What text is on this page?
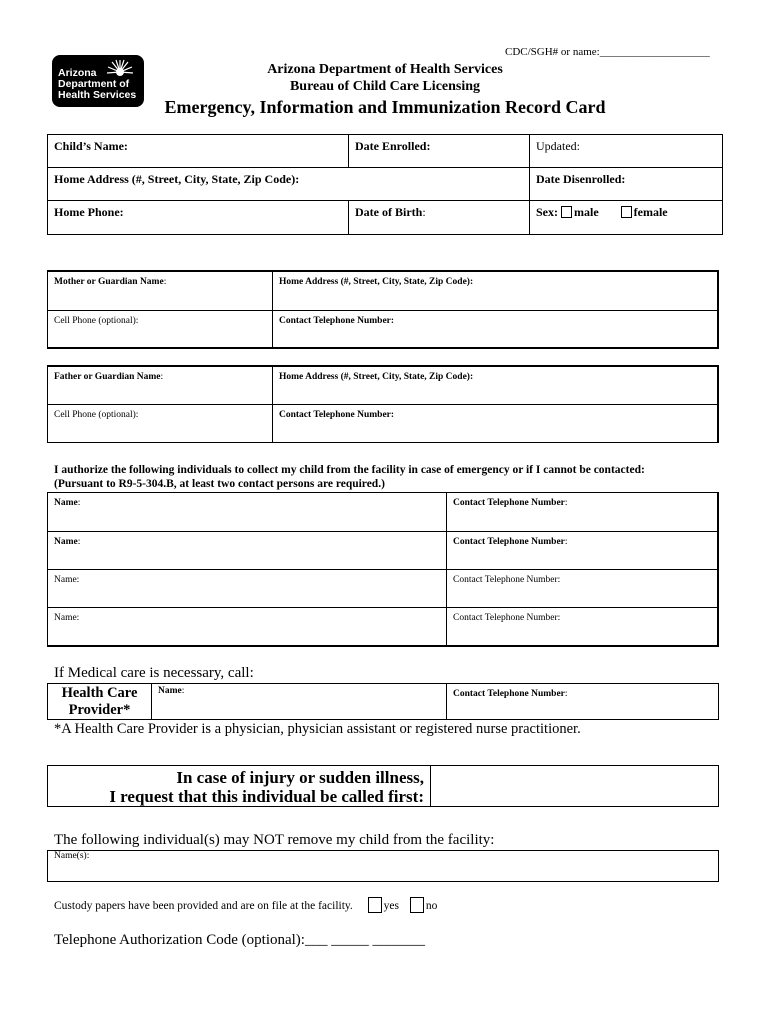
CDC/SGH# or name:____________________
Arizona
Department of
Health Services
Arizona Department of Health Services
Bureau of Child Care Licensing
Emergency, Information and Immunization Record Card
Child’s Name:	Date Enrolled:	Updated:
Home Address (#, Street, City, State, Zip Code):	Date Disenrolled:
Home Phone:	Date of Birth:	Sex: male	female
Mother or Guardian Name:	Home Address (#, Street, City, State, Zip Code):
Cell Phone (optional):	Contact Telephone Number:
Father or Guardian Name:	Home Address (#, Street, City, State, Zip Code):
Cell Phone (optional):	Contact Telephone Number:
I authorize the following individuals to collect my child from the facility in case of emergency or if I cannot be contacted:
(Pursuant to R9-5-304.B, at least two contact persons are required.)
Name:	Contact Telephone Number:
Name:	Contact Telephone Number:
Name:	Contact Telephone Number:
Name:	Contact Telephone Number:
If Medical care is necessary, call:
Health Care
Provider*
Name:	Contact Telephone Number:
*A Health Care Provider is a physician, physician assistant or registered nurse practitioner.
In case of injury or sudden illness,
I request that this individual be called first:
The following individual(s) may NOT remove my child from the facility:
Name(s):
Custody papers have been provided and are on file at the facility.	yes no
Telephone Authorization Code (optional):___ _____ _______
